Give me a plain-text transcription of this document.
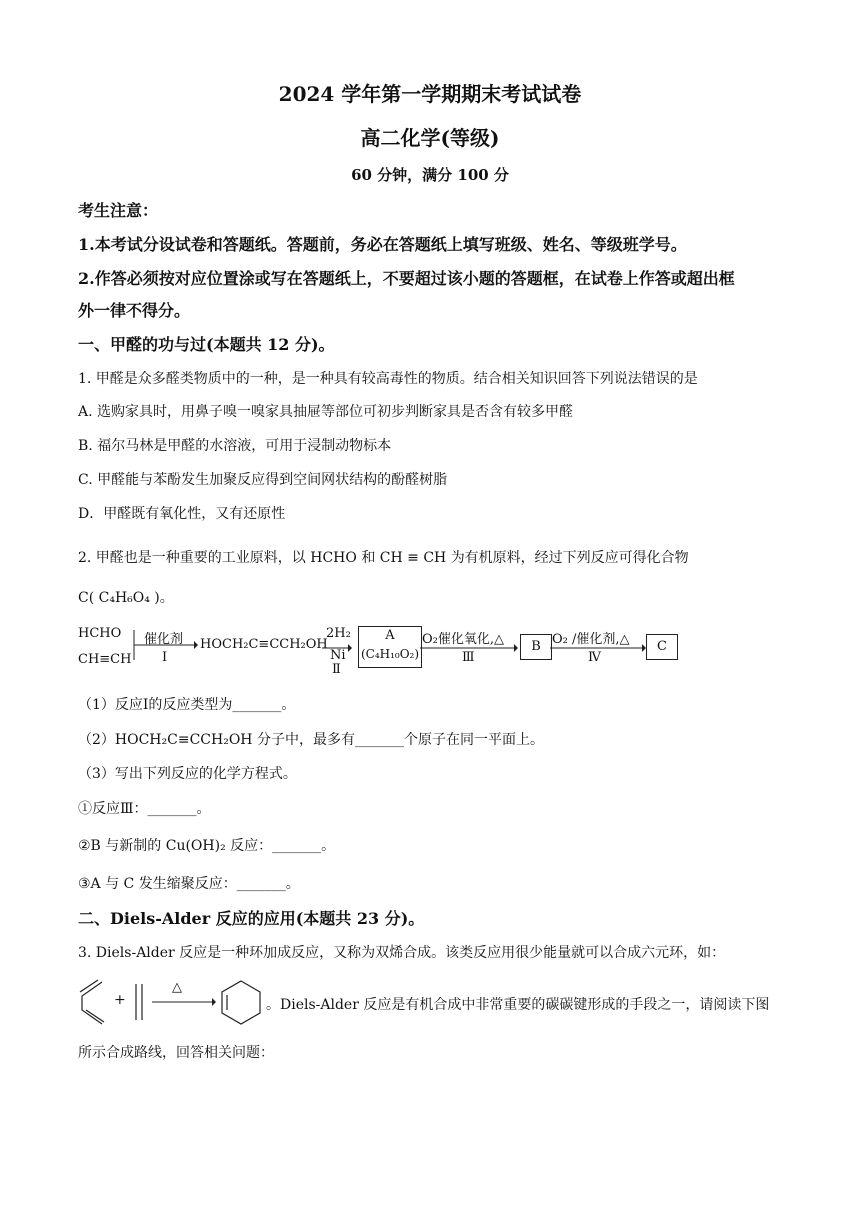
2024 学年第一学期期末考试试卷
高二化学(等级)
60 分钟，满分 100 分
考生注意：
1.本考试分设试卷和答题纸。答题前，务必在答题纸上填写班级、姓名、等级班学号。
2.作答必须按对应位置涂或写在答题纸上，不要超过该小题的答题框，在试卷上作答或超出框
外一律不得分。
一、甲醛的功与过(本题共 12 分)。
1. 甲醛是众多醛类物质中的一种，是一种具有较高毒性的物质。结合相关知识回答下列说法错误的是
A. 选购家具时，用鼻子嗅一嗅家具抽屉等部位可初步判断家具是否含有较多甲醛
B. 福尔马林是甲醛的水溶液，可用于浸制动物标本
C. 甲醛能与苯酚发生加聚反应得到空间网状结构的酚醛树脂
D．甲醛既有氧化性，又有还原性
2. 甲醛也是一种重要的工业原料，以 HCHO 和 CH ≡ CH 为有机原料，经过下列反应可得化合物
C( C₄H₆O₄ )。
HCHO
CH≡CH
催化剂
Ⅰ
HOCH₂C≡CCH₂OH
2H₂
Ni
Ⅱ
A
(C₄H₁₀O₂)
O₂催化氧化,△
Ⅲ
B O₂ /催化剂,△
Ⅳ
C
（1）反应Ⅰ的反应类型为_______。
（2）HOCH₂C≡CCH₂OH 分子中，最多有_______个原子在同一平面上。
（3）写出下列反应的化学方程式。
①反应Ⅲ：_______。
②B 与新制的 Cu(OH)₂ 反应：_______。
③A 与 C 发生缩聚反应：_______。
二、Diels-Alder 反应的应用(本题共 23 分)。
3. Diels-Alder 反应是一种环加成反应，又称为双烯合成。该类反应用很少能量就可以合成六元环，如：
+
△
。Diels-Alder 反应是有机合成中非常重要的碳碳键形成的手段之一，请阅读下图
所示合成路线，回答相关问题：
